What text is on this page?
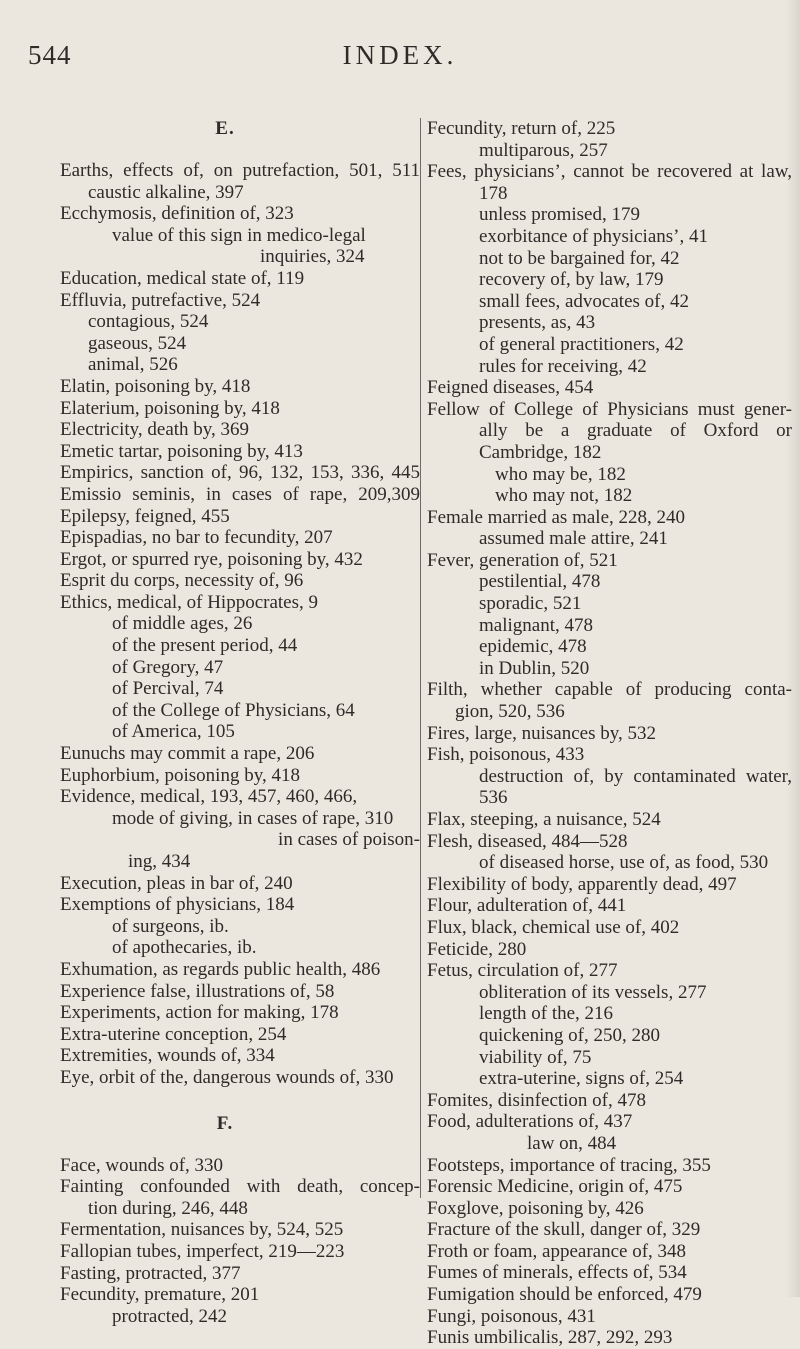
544	INDEX.
E.
Earths, effects of, on putrefaction, 501, 511
caustic alkaline, 397
Ecchymosis, definition of, 323
value of this sign in medico-legal
inquiries, 324
Education, medical state of, 119
Effluvia, putrefactive, 524
contagious, 524
gaseous, 524
animal, 526
Elatin, poisoning by, 418
Elaterium, poisoning by, 418
Electricity, death by, 369
Emetic tartar, poisoning by, 413
Empirics, sanction of, 96, 132, 153, 336, 445
Emissio seminis, in cases of rape, 209,309
Epilepsy, feigned, 455
Epispadias, no bar to fecundity, 207
Ergot, or spurred rye, poisoning by, 432
Esprit du corps, necessity of, 96
Ethics, medical, of Hippocrates, 9
of middle ages, 26
of the present period, 44
of Gregory, 47
of Percival, 74
of the College of Physicians, 64
of America, 105
Eunuchs may commit a rape, 206
Euphorbium, poisoning by, 418
Evidence, medical, 193, 457, 460, 466,
mode of giving, in cases of rape, 310
in cases of poison-
ing, 434
Execution, pleas in bar of, 240
Exemptions of physicians, 184
of surgeons, ib.
of apothecaries, ib.
Exhumation, as regards public health, 486
Experience false, illustrations of, 58
Experiments, action for making, 178
Extra-uterine conception, 254
Extremities, wounds of, 334
Eye, orbit of the, dangerous wounds of, 330
F.
Face, wounds of, 330
Fainting confounded with death, concep-
tion during, 246, 448
Fermentation, nuisances by, 524, 525
Fallopian tubes, imperfect, 219—223
Fasting, protracted, 377
Fecundity, premature, 201
protracted, 242
Fecundity, return of, 225
multiparous, 257
Fees, physicians’, cannot be recovered at law,
178
unless promised, 179
exorbitance of physicians’, 41
not to be bargained for, 42
recovery of, by law, 179
small fees, advocates of, 42
presents, as, 43
of general practitioners, 42
rules for receiving, 42
Feigned diseases, 454
Fellow of College of Physicians must gener-
ally be a graduate of Oxford or
Cambridge, 182
who may be, 182
who may not, 182
Female married as male, 228, 240
assumed male attire, 241
Fever, generation of, 521
pestilential, 478
sporadic, 521
malignant, 478
epidemic, 478
in Dublin, 520
Filth, whether capable of producing conta-
gion, 520, 536
Fires, large, nuisances by, 532
Fish, poisonous, 433
destruction of, by contaminated water,
536
Flax, steeping, a nuisance, 524
Flesh, diseased, 484—528
of diseased horse, use of, as food, 530
Flexibility of body, apparently dead, 497
Flour, adulteration of, 441
Flux, black, chemical use of, 402
Feticide, 280
Fetus, circulation of, 277
obliteration of its vessels, 277
length of the, 216
quickening of, 250, 280
viability of, 75
extra-uterine, signs of, 254
Fomites, disinfection of, 478
Food, adulterations of, 437
law on, 484
Footsteps, importance of tracing, 355
Forensic Medicine, origin of, 475
Foxglove, poisoning by, 426
Fracture of the skull, danger of, 329
Froth or foam, appearance of, 348
Fumes of minerals, effects of, 534
Fumigation should be enforced, 479
Fungi, poisonous, 431
Funis umbilicalis, 287, 292, 293
